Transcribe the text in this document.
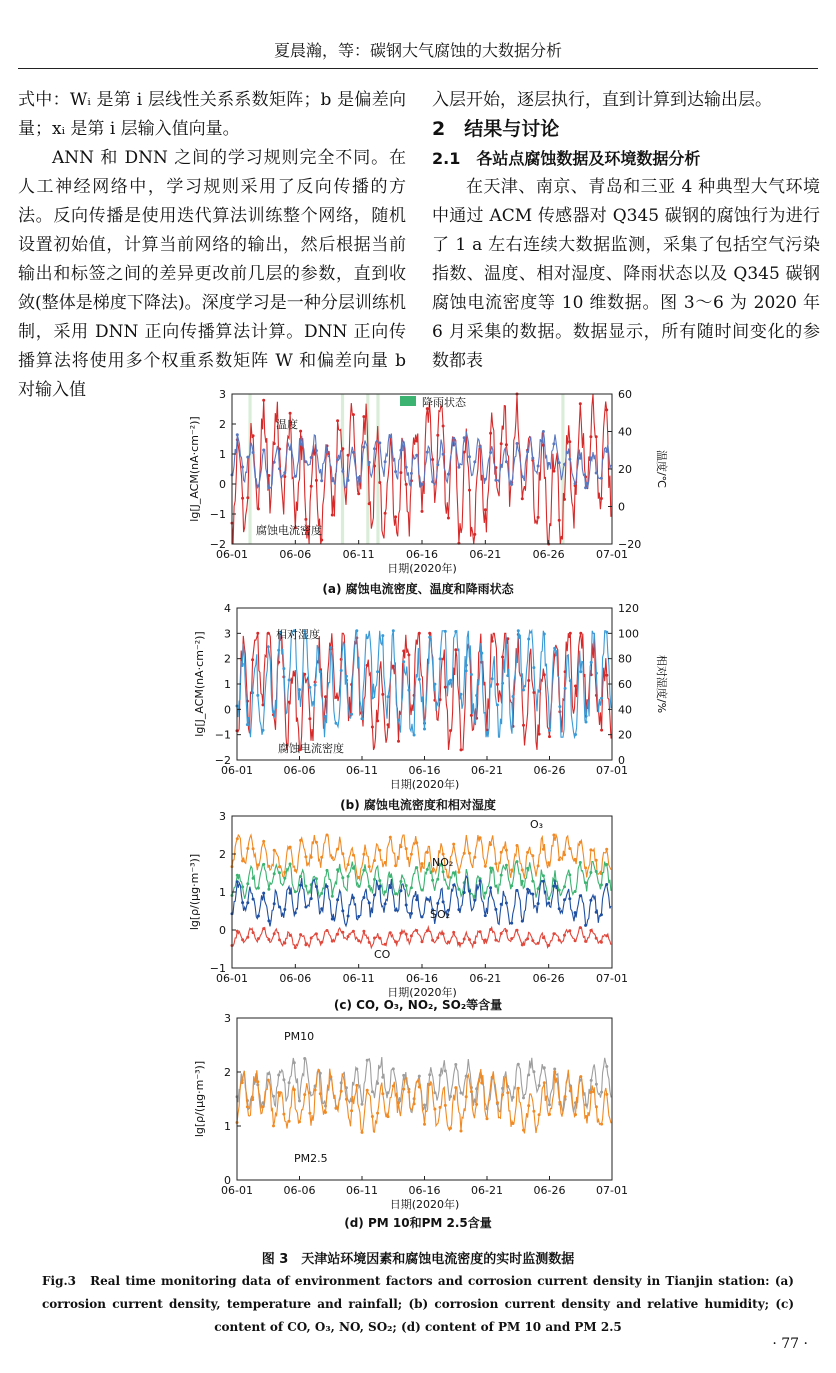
夏晨瀚，等：碳钢大气腐蚀的大数据分析

式中：Wᵢ 是第 i 层线性关系系数矩阵；b 是偏差向量；xᵢ 是第 i 层输入值向量。

ANN 和 DNN 之间的学习规则完全不同。在人工神经网络中，学习规则采用了反向传播的方法。反向传播是使用迭代算法训练整个网络，随机设置初始值，计算当前网络的输出，然后根据当前输出和标签之间的差异更改前几层的参数，直到收敛(整体是梯度下降法)。深度学习是一种分层训练机制，采用 DNN 正向传播算法计算。DNN 正向传播算法将使用多个权重系数矩阵 W 和偏差向量 b 对输入值

入层开始，逐层执行，直到计算到达输出层。

2　结果与讨论

2.1　各站点腐蚀数据及环境数据分析

在天津、南京、青岛和三亚 4 种典型大气环境中通过 ACM 传感器对 Q345 碳钢的腐蚀行为进行了 1 a 左右连续大数据监测，采集了包括空气污染指数、温度、相对湿度、降雨状态以及 Q345 碳钢腐蚀电流密度等 10 维数据。图 3～6 为 2020 年 6 月采集的数据。数据显示，所有随时间变化的参数都表

−2
−1
0
1
2
3
−20
0
20
40
60
温度/℃
06-01	06-06	06-11	06-16	06-21	06-26	07-01
日期(2020年)
lg[J_ACM(nA·cm⁻²)]
降雨状态
温度
腐蚀电流密度
(a) 腐蚀电流密度、温度和降雨状态
−2
−1
0
1
2
3
4
0
20
40
60
80
100
120
相对湿度/%
06-01	06-06	06-11	06-16	06-21	06-26	07-01
日期(2020年)
lg[J_ACM(nA·cm⁻²)]	相对湿度
腐蚀电流密度
(b) 腐蚀电流密度和相对湿度
−1
0
1
2
3
06-01	06-06	06-11	06-16	06-21	06-26	07-01
日期(2020年)
lg[ρ/(μg·m⁻³)]
O₃
NO₂
SO₂
CO
(c) CO, O₃, NO₂, SO₂等含量
0
1
2
3
06-01	06-06	06-11	06-16	06-21	06-26	07-01
日期(2020年)
lg[ρ/(μg·m⁻³)]
PM10
PM2.5
(d) PM 10和PM 2.5含量
图 3　天津站环境因素和腐蚀电流密度的实时监测数据
Fig.3　Real time monitoring data of environment factors and corrosion current density in Tianjin station: (a) corrosion current density, temperature and rainfall; (b) corrosion current density and relative humidity; (c) content of CO, O₃, NO, SO₂; (d) content of PM 10 and PM 2.5
· 77 ·
